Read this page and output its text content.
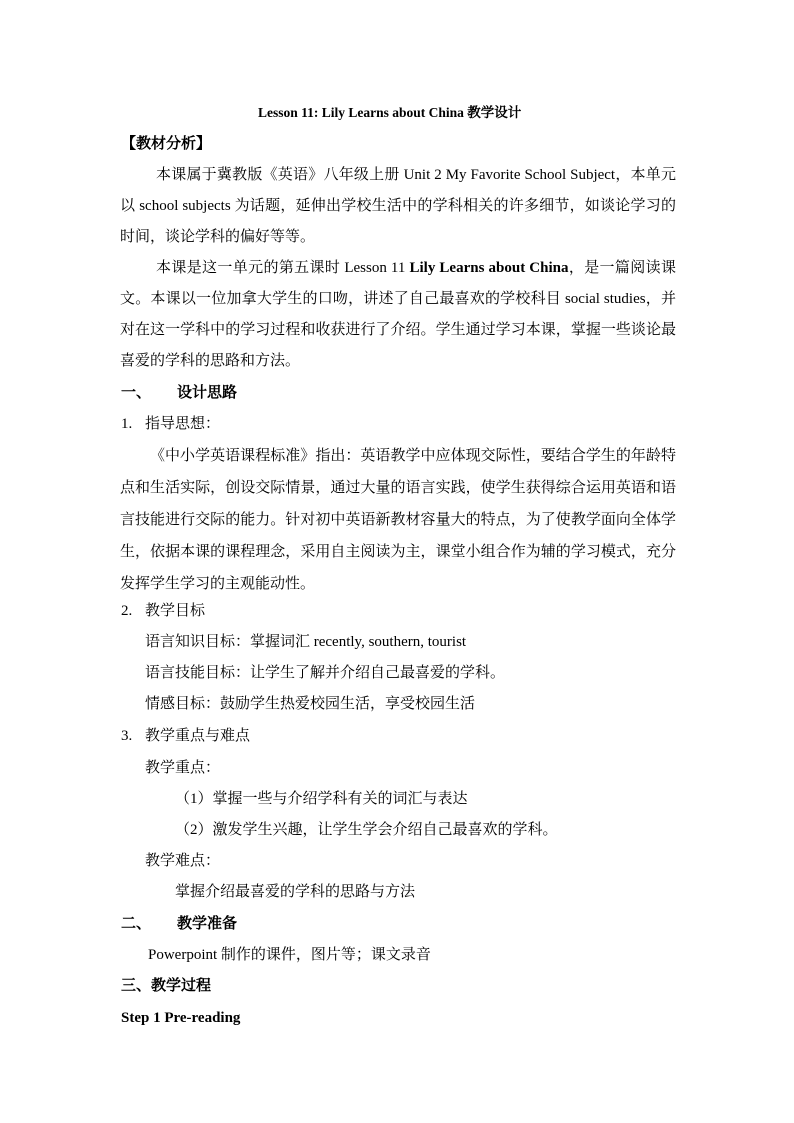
Lesson 11: Lily Learns about China 教学设计
【教材分析】
本课属于冀教版《英语》八年级上册 Unit 2 My Favorite School Subject，本单元以 school subjects 为话题，延伸出学校生活中的学科相关的许多细节，如谈论学习的时间，谈论学科的偏好等等。
本课是这一单元的第五课时 Lesson 11 Lily Learns about China，是一篇阅读课文。本课以一位加拿大学生的口吻，讲述了自己最喜欢的学校科目 social studies，并对在这一学科中的学习过程和收获进行了介绍。学生通过学习本课，掌握一些谈论最喜爱的学科的思路和方法。
一、 设计思路
1. 指导思想：
《中小学英语课程标准》指出：英语教学中应体现交际性，要结合学生的年龄特点和生活实际，创设交际情景，通过大量的语言实践，使学生获得综合运用英语和语言技能进行交际的能力。针对初中英语新教材容量大的特点，为了使教学面向全体学生，依据本课的课程理念，采用自主阅读为主，课堂小组合作为辅的学习模式，充分发挥学生学习的主观能动性。
2. 教学目标
语言知识目标：掌握词汇 recently, southern, tourist
语言技能目标：让学生了解并介绍自己最喜爱的学科。
情感目标：鼓励学生热爱校园生活，享受校园生活
3. 教学重点与难点
教学重点：
（1）掌握一些与介绍学科有关的词汇与表达
（2）激发学生兴趣，让学生学会介绍自己最喜欢的学科。
教学难点：
掌握介绍最喜爱的学科的思路与方法
二、 教学准备
Powerpoint 制作的课件，图片等；课文录音
三、教学过程
Step 1 Pre-reading
